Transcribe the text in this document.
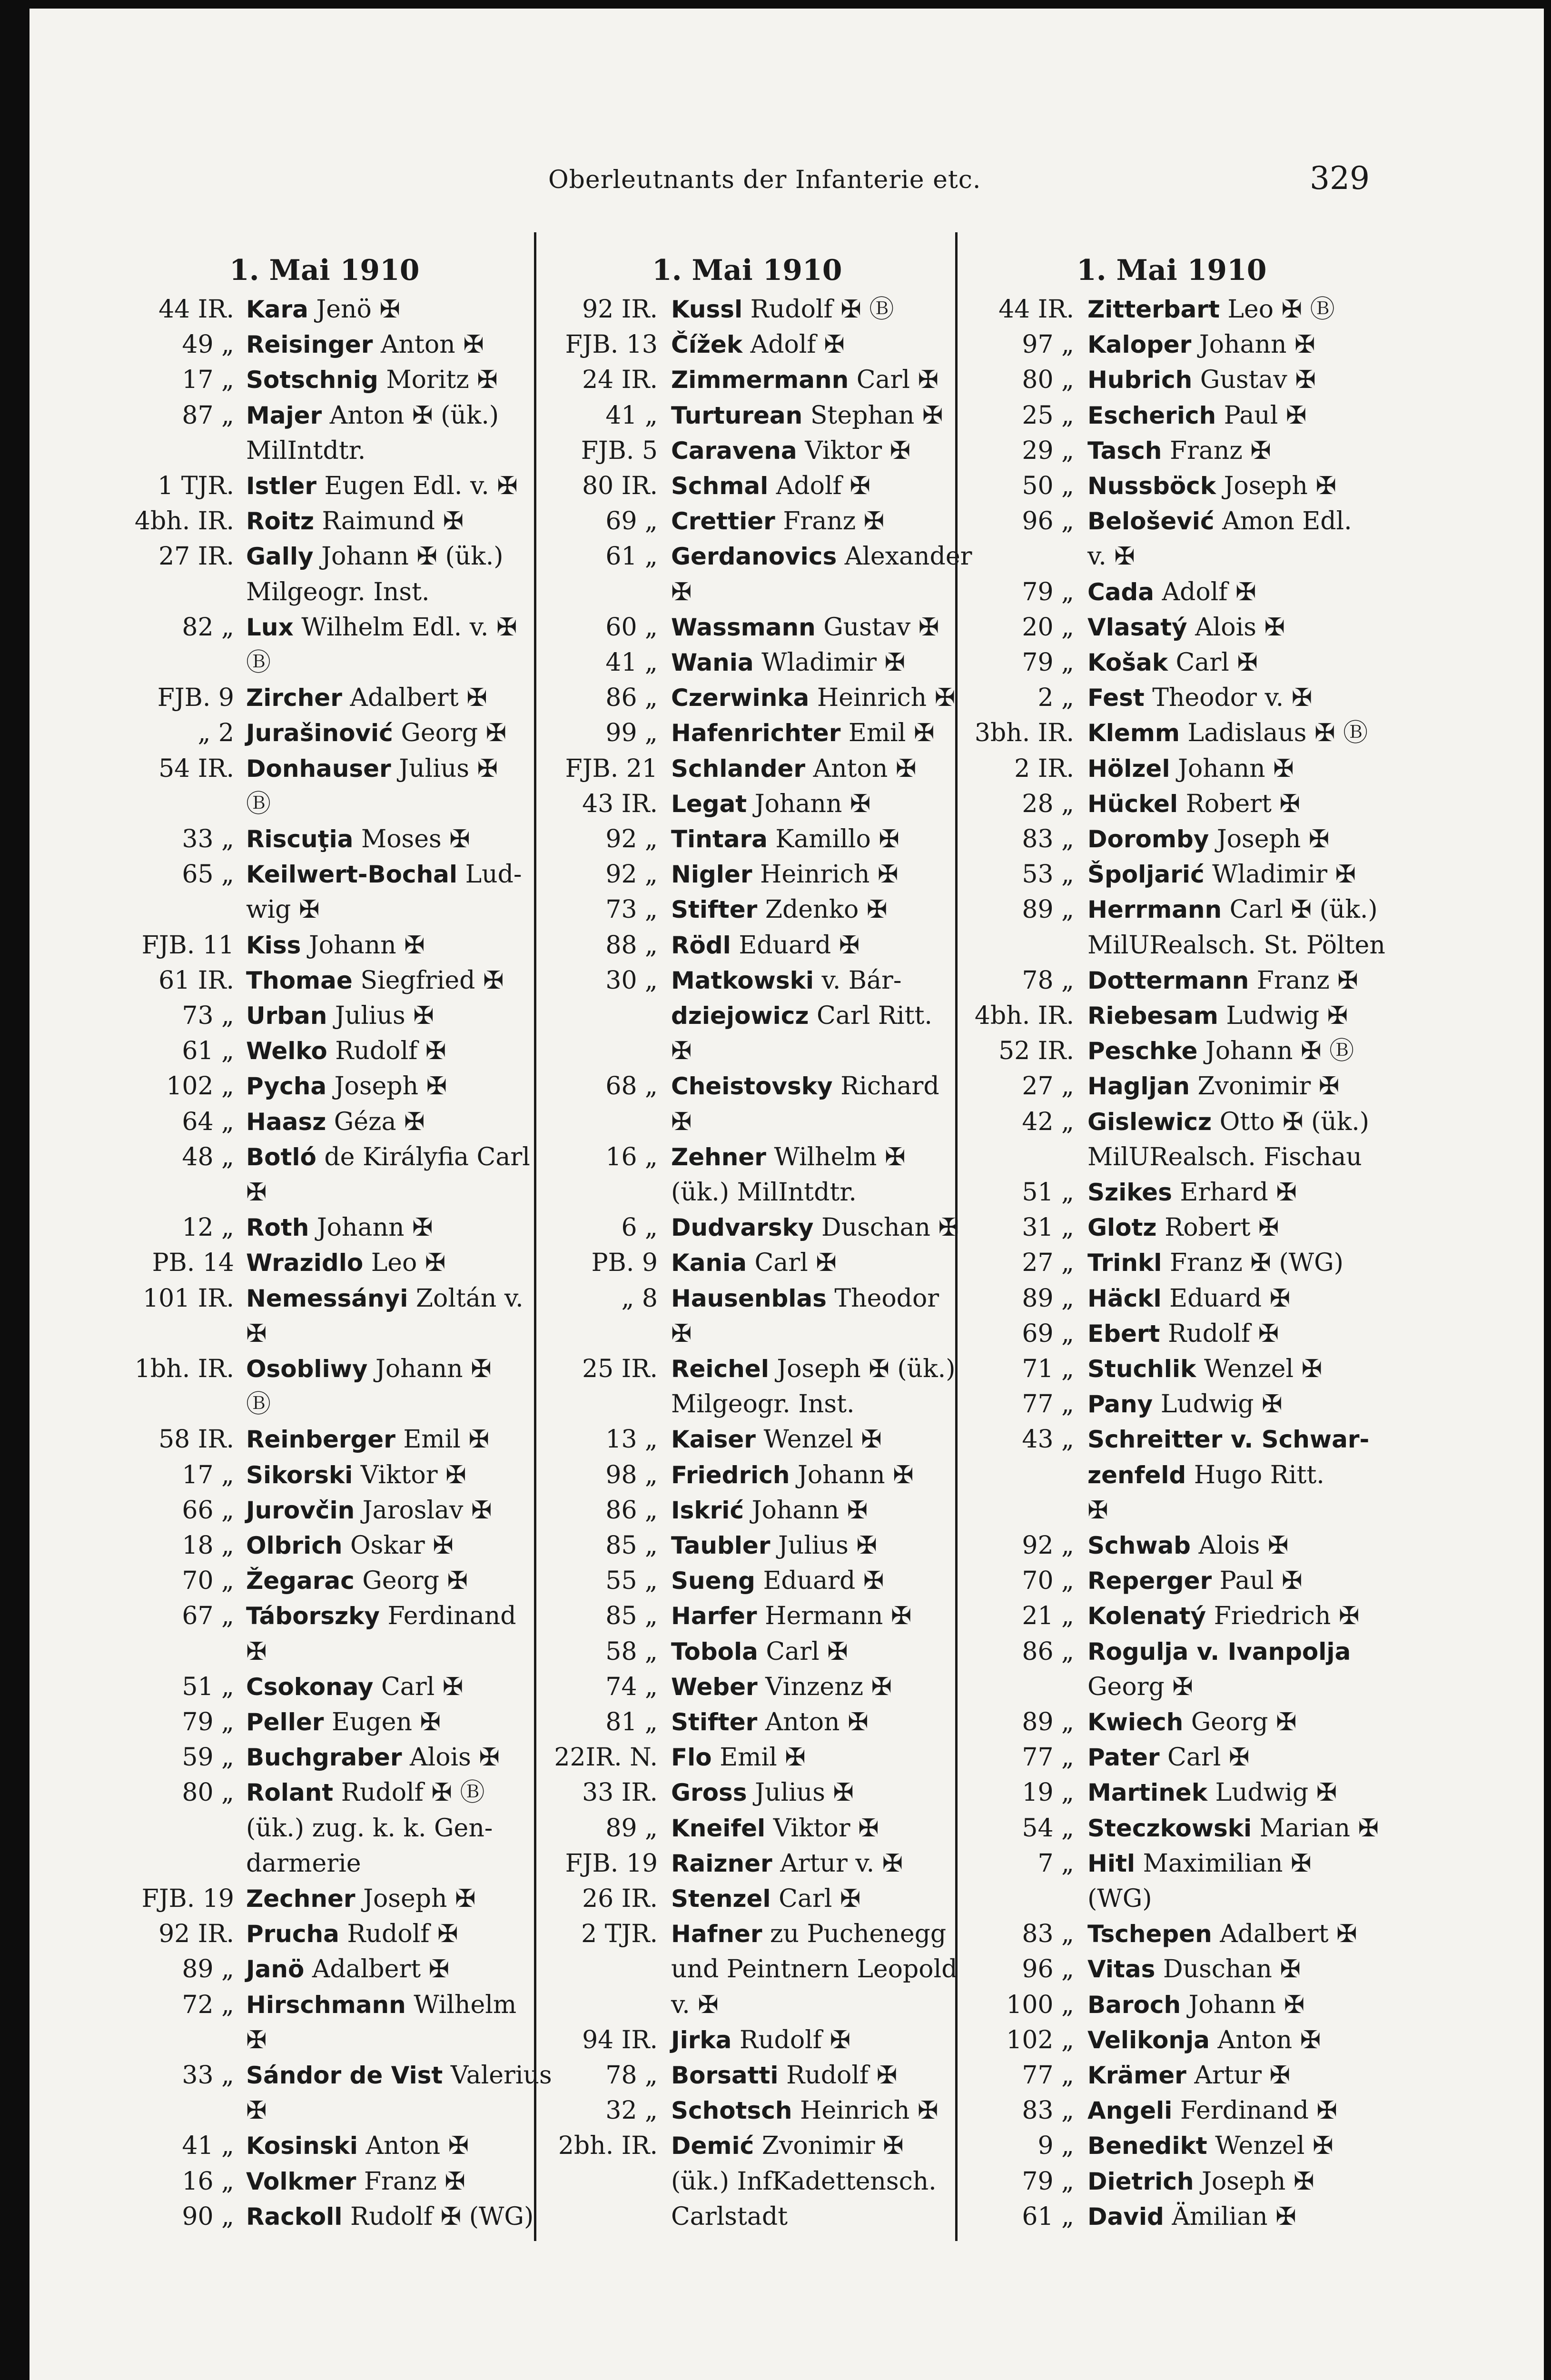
Oberleutnants der Infanterie etc.	329
1. Mai 1910	1. Mai 1910	1. Mai 1910
44 IR. Kara Jenö ✠
49 „ Reisinger Anton ✠
17 „ Sotschnig Moritz ✠
87 „ Majer Anton ✠ (ük.)
MilIntdtr.
1 TJR. Istler Eugen Edl. v. ✠
4bh. IR. Roitz Raimund ✠
27 IR. Gally Johann ✠ (ük.)
Milgeogr. Inst.
82 „ Lux Wilhelm Edl. v. ✠
Ⓑ
FJB. 9 Zircher Adalbert ✠
„ 2 Jurašinović Georg ✠
54 IR. Donhauser Julius ✠
Ⓑ
33 „ Riscuţia Moses ✠
65 „ Keilwert-Bochal Lud-
wig ✠
FJB. 11 Kiss Johann ✠
61 IR. Thomae Siegfried ✠
73 „ Urban Julius ✠
61 „ Welko Rudolf ✠
102 „ Pycha Joseph ✠
64 „ Haasz Géza ✠
48 „ Botló de Királyfia Carl
✠
12 „ Roth Johann ✠
PB. 14 Wrazidlo Leo ✠
101 IR. Nemessányi Zoltán v.
✠
1bh. IR. Osobliwy Johann ✠
Ⓑ
58 IR. Reinberger Emil ✠
17 „ Sikorski Viktor ✠
66 „ Jurovčin Jaroslav ✠
18 „ Olbrich Oskar ✠
70 „ Žegarac Georg ✠
67 „ Táborszky Ferdinand
✠
51 „ Csokonay Carl ✠
79 „ Peller Eugen ✠
59 „ Buchgraber Alois ✠
80 „ Rolant Rudolf ✠ Ⓑ
(ük.) zug. k. k. Gen-
darmerie
FJB. 19 Zechner Joseph ✠
92 IR. Prucha Rudolf ✠
89 „ Janö Adalbert ✠
72 „ Hirschmann Wilhelm
✠
33 „ Sándor de Vist Valerius
✠
41 „ Kosinski Anton ✠
16 „ Volkmer Franz ✠
90 „ Rackoll Rudolf ✠ (WG)
92 IR. Kussl Rudolf ✠ Ⓑ
FJB. 13 Čížek Adolf ✠
24 IR. Zimmermann Carl ✠
41 „ Turturean Stephan ✠
FJB. 5 Caravena Viktor ✠
80 IR. Schmal Adolf ✠
69 „ Crettier Franz ✠
61 „ Gerdanovics Alexander
✠
60 „ Wassmann Gustav ✠
41 „ Wania Wladimir ✠
86 „ Czerwinka Heinrich ✠
99 „ Hafenrichter Emil ✠
FJB. 21 Schlander Anton ✠
43 IR. Legat Johann ✠
92 „ Tintara Kamillo ✠
92 „ Nigler Heinrich ✠
73 „ Stifter Zdenko ✠
88 „ Rödl Eduard ✠
30 „ Matkowski v. Bár-
dziejowicz Carl Ritt.
✠
68 „ Cheistovsky Richard
✠
16 „ Zehner Wilhelm ✠
(ük.) MilIntdtr.
6 „ Dudvarsky Duschan ✠
PB. 9 Kania Carl ✠
„ 8 Hausenblas Theodor
✠
25 IR. Reichel Joseph ✠ (ük.)
Milgeogr. Inst.
13 „ Kaiser Wenzel ✠
98 „ Friedrich Johann ✠
86 „ Iskrić Johann ✠
85 „ Taubler Julius ✠
55 „ Sueng Eduard ✠
85 „ Harfer Hermann ✠
58 „ Tobola Carl ✠
74 „ Weber Vinzenz ✠
81 „ Stifter Anton ✠
22IR. N. Flo Emil ✠
33 IR. Gross Julius ✠
89 „ Kneifel Viktor ✠
FJB. 19 Raizner Artur v. ✠
26 IR. Stenzel Carl ✠
2 TJR. Hafner zu Puchenegg
und Peintnern Leopold
v. ✠
94 IR. Jirka Rudolf ✠
78 „ Borsatti Rudolf ✠
32 „ Schotsch Heinrich ✠
2bh. IR. Demić Zvonimir ✠
(ük.) InfKadettensch.
Carlstadt
44 IR. Zitterbart Leo ✠ Ⓑ
97 „ Kaloper Johann ✠
80 „ Hubrich Gustav ✠
25 „ Escherich Paul ✠
29 „ Tasch Franz ✠
50 „ Nussböck Joseph ✠
96 „ Belošević Amon Edl.
v. ✠
79 „ Cada Adolf ✠
20 „ Vlasatý Alois ✠
79 „ Košak Carl ✠
2 „ Fest Theodor v. ✠
3bh. IR. Klemm Ladislaus ✠ Ⓑ
2 IR. Hölzel Johann ✠
28 „ Hückel Robert ✠
83 „ Doromby Joseph ✠
53 „ Špoljarić Wladimir ✠
89 „ Herrmann Carl ✠ (ük.)
MilURealsch. St. Pölten
78 „ Dottermann Franz ✠
4bh. IR. Riebesam Ludwig ✠
52 IR. Peschke Johann ✠ Ⓑ
27 „ Hagljan Zvonimir ✠
42 „ Gislewicz Otto ✠ (ük.)
MilURealsch. Fischau
51 „ Szikes Erhard ✠
31 „ Glotz Robert ✠
27 „ Trinkl Franz ✠ (WG)
89 „ Häckl Eduard ✠
69 „ Ebert Rudolf ✠
71 „ Stuchlik Wenzel ✠
77 „ Pany Ludwig ✠
43 „ Schreitter v. Schwar-
zenfeld Hugo Ritt.
✠
92 „ Schwab Alois ✠
70 „ Reperger Paul ✠
21 „ Kolenatý Friedrich ✠
86 „ Rogulja v. Ivanpolja
Georg ✠
89 „ Kwiech Georg ✠
77 „ Pater Carl ✠
19 „ Martinek Ludwig ✠
54 „ Steczkowski Marian ✠
7 „ Hitl Maximilian ✠
(WG)
83 „ Tschepen Adalbert ✠
96 „ Vitas Duschan ✠
100 „ Baroch Johann ✠
102 „ Velikonja Anton ✠
77 „ Krämer Artur ✠
83 „ Angeli Ferdinand ✠
9 „ Benedikt Wenzel ✠
79 „ Dietrich Joseph ✠
61 „ David Ämilian ✠
